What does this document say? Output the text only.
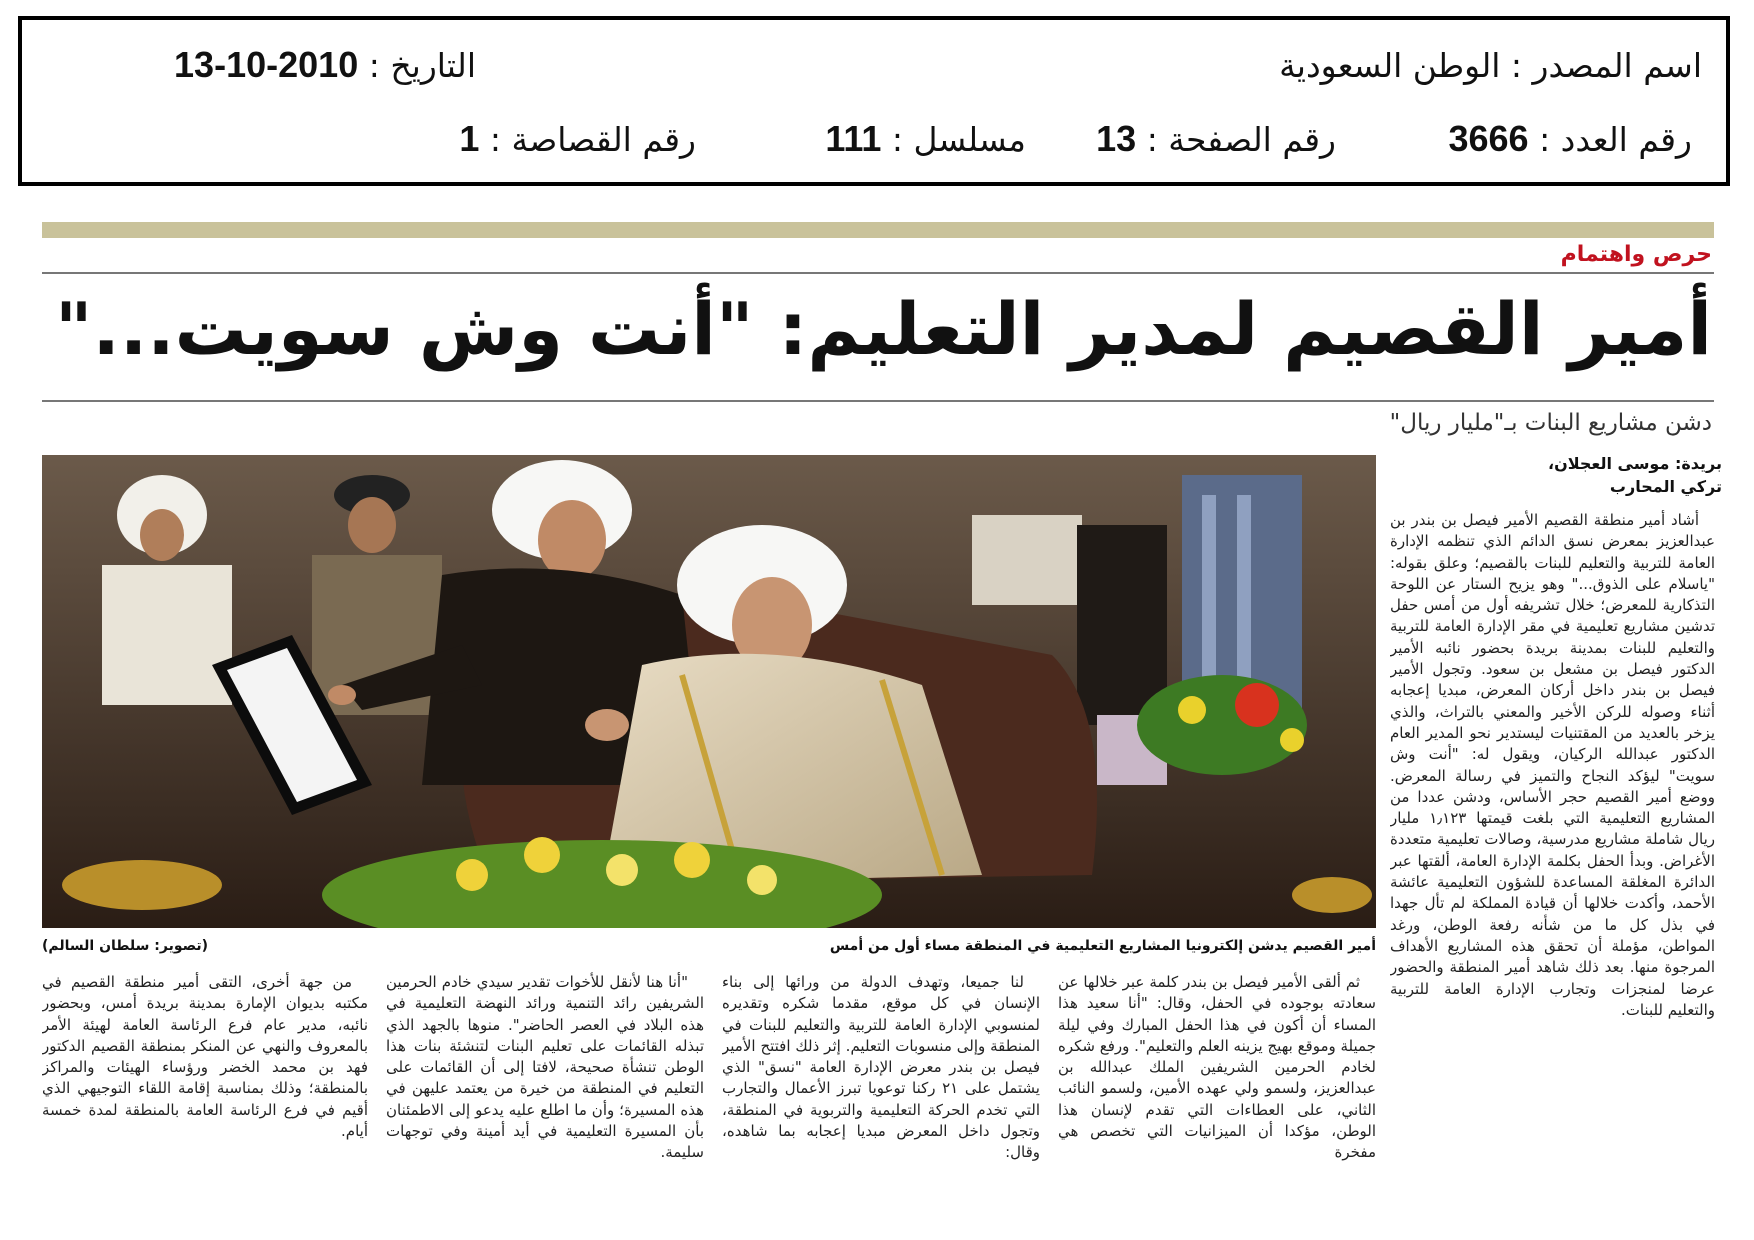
اسم المصدر : الوطن السعودية
التاريخ : 2010-10-13
رقم العدد : 3666
رقم الصفحة : 13
مسلسل : 111
رقم القصاصة : 1
حرص واهتمام
أمير القصيم لمدير التعليم: "أنت وش سويت..."
دشن مشاريع البنات بـ"مليار ريال"
بريدة: موسى العجلان،
تركي المحارب
أمير القصيم يدشن إلكترونيا المشاريع التعليمية في المنطقة مساء أول من أمس
(تصوير: سلطان السالم)

أشاد أمير منطقة القصيم الأمير فيصل بن بندر بن عبدالعزيز بمعرض نسق الدائم الذي تنظمه الإدارة العامة للتربية والتعليم للبنات بالقصيم؛ وعلق بقوله: "ياسلام على الذوق..." وهو يزيح الستار عن اللوحة التذكارية للمعرض؛ خلال تشريفه أول من أمس حفل تدشين مشاريع تعليمية في مقر الإدارة العامة للتربية والتعليم للبنات بمدينة بريدة بحضور نائبه الأمير الدكتور فيصل بن مشعل بن سعود. وتجول الأمير فيصل بن بندر داخل أركان المعرض، مبديا إعجابه أثناء وصوله للركن الأخير والمعني بالتراث، والذي يزخر بالعديد من المقتنيات ليستدير نحو المدير العام الدكتور عبدالله الركيان، ويقول له: "أنت وش سويت" ليؤكد النجاح والتميز في رسالة المعرض. ووضع أمير القصيم حجر الأساس، ودشن عددا من المشاريع التعليمية التي بلغت قيمتها ١٫١٢٣ مليار ريال شاملة مشاريع مدرسية، وصالات تعليمية متعددة الأغراض. وبدأ الحفل بكلمة الإدارة العامة، ألقتها عبر الدائرة المغلقة المساعدة للشؤون التعليمية عائشة الأحمد، وأكدت خلالها أن قيادة المملكة لم تأل جهدا في بذل كل ما من شأنه رفعة الوطن، ورغد المواطن، مؤملة أن تحقق هذه المشاريع الأهداف المرجوة منها. بعد ذلك شاهد أمير المنطقة والحضور عرضا لمنجزات وتجارب الإدارة العامة للتربية والتعليم للبنات.

ثم ألقى الأمير فيصل بن بندر كلمة عبر خلالها عن سعادته بوجوده في الحفل، وقال: "أنا سعيد هذا المساء أن أكون في هذا الحفل المبارك وفي ليلة جميلة وموقع بهيج يزينه العلم والتعليم". ورفع شكره لخادم الحرمين الشريفين الملك عبدالله بن عبدالعزيز، ولسمو ولي عهده الأمين، ولسمو النائب الثاني، على العطاءات التي تقدم لإنسان هذا الوطن، مؤكدا أن الميزانيات التي تخصص هي مفخرة

لنا جميعا، وتهدف الدولة من ورائها إلى بناء الإنسان في كل موقع، مقدما شكره وتقديره لمنسوبي الإدارة العامة للتربية والتعليم للبنات في المنطقة وإلى منسوبات التعليم. إثر ذلك افتتح الأمير فيصل بن بندر معرض الإدارة العامة "نسق" الذي يشتمل على ٢١ ركنا توعويا تبرز الأعمال والتجارب التي تخدم الحركة التعليمية والتربوية في المنطقة، وتجول داخل المعرض مبديا إعجابه بما شاهده، وقال:

"أنا هنا لأنقل للأخوات تقدير سيدي خادم الحرمين الشريفين رائد التنمية ورائد النهضة التعليمية في هذه البلاد في العصر الحاضر". منوها بالجهد الذي تبذله القائمات على تعليم البنات لتنشئة بنات هذا الوطن تنشأة صحيحة، لافتا إلى أن القائمات على التعليم في المنطقة من خيرة من يعتمد عليهن في هذه المسيرة؛ وأن ما اطلع عليه يدعو إلى الاطمئنان بأن المسيرة التعليمية في أيد أمينة وفي توجهات سليمة.

من جهة أخرى، التقى أمير منطقة القصيم في مكتبه بديوان الإمارة بمدينة بريدة أمس، وبحضور نائبه، مدير عام فرع الرئاسة العامة لهيئة الأمر بالمعروف والنهي عن المنكر بمنطقة القصيم الدكتور فهد بن محمد الخضر ورؤساء الهيئات والمراكز بالمنطقة؛ وذلك بمناسبة إقامة اللقاء التوجيهي الذي أقيم في فرع الرئاسة العامة بالمنطقة لمدة خمسة أيام.
